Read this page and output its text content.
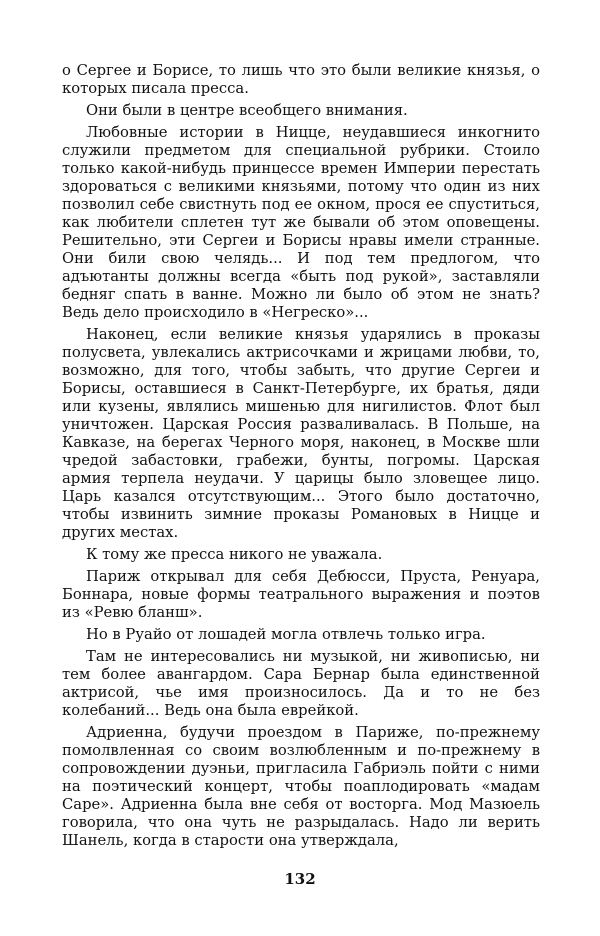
о Сергее и Борисе, то лишь что это были великие князья, о которых писала пресса.

Они были в центре всеобщего внимания.

Любовные истории в Ницце, неудавшиеся инкогнито служили предметом для специальной рубрики. Стоило только какой-нибудь принцессе времен Империи перестать здороваться с великими князьями, потому что один из них позволил себе свистнуть под ее окном, прося ее спуститься, как любители сплетен тут же бывали об этом оповещены. Решительно, эти Сергеи и Борисы нравы имели странные. Они били свою челядь... И под тем предлогом, что адъютанты должны всегда «быть под рукой», заставляли бедняг спать в ванне. Можно ли было об этом не знать? Ведь дело происходило в «Негреско»...

Наконец, если великие князья ударялись в проказы полусвета, увлекались актрисочками и жрицами любви, то, возможно, для того, чтобы забыть, что другие Сергеи и Борисы, оставшиеся в Санкт-Петербурге, их братья, дяди или кузены, являлись мишенью для нигилистов. Флот был уничтожен. Царская Россия разваливалась. В Польше, на Кавказе, на берегах Черного моря, наконец, в Москве шли чредой забастовки, грабежи, бунты, погромы. Царская армия терпела неудачи. У царицы было зловещее лицо. Царь казался отсутствующим... Этого было достаточно, чтобы извинить зимние проказы Романовых в Ницце и других местах.

К тому же пресса никого не уважала.

Париж открывал для себя Дебюсси, Пруста, Ренуара, Боннара, новые формы театрального выражения и поэтов из «Ревю бланш».

Но в Руайо от лошадей могла отвлечь только игра.

Там не интересовались ни музыкой, ни живописью, ни тем более авангардом. Сара Бернар была единственной актрисой, чье имя произносилось. Да и то не без колебаний... Ведь она была еврейкой.

Адриенна, будучи проездом в Париже, по-прежнему помолвленная со своим возлюбленным и по-прежнему в сопровождении дуэньи, пригласила Габриэль пойти с ними на поэтический концерт, чтобы поаплодировать «мадам Саре». Адриенна была вне себя от восторга. Мод Мазюель говорила, что она чуть не разрыдалась. Надо ли верить Шанель, когда в старости она утверждала,

132
